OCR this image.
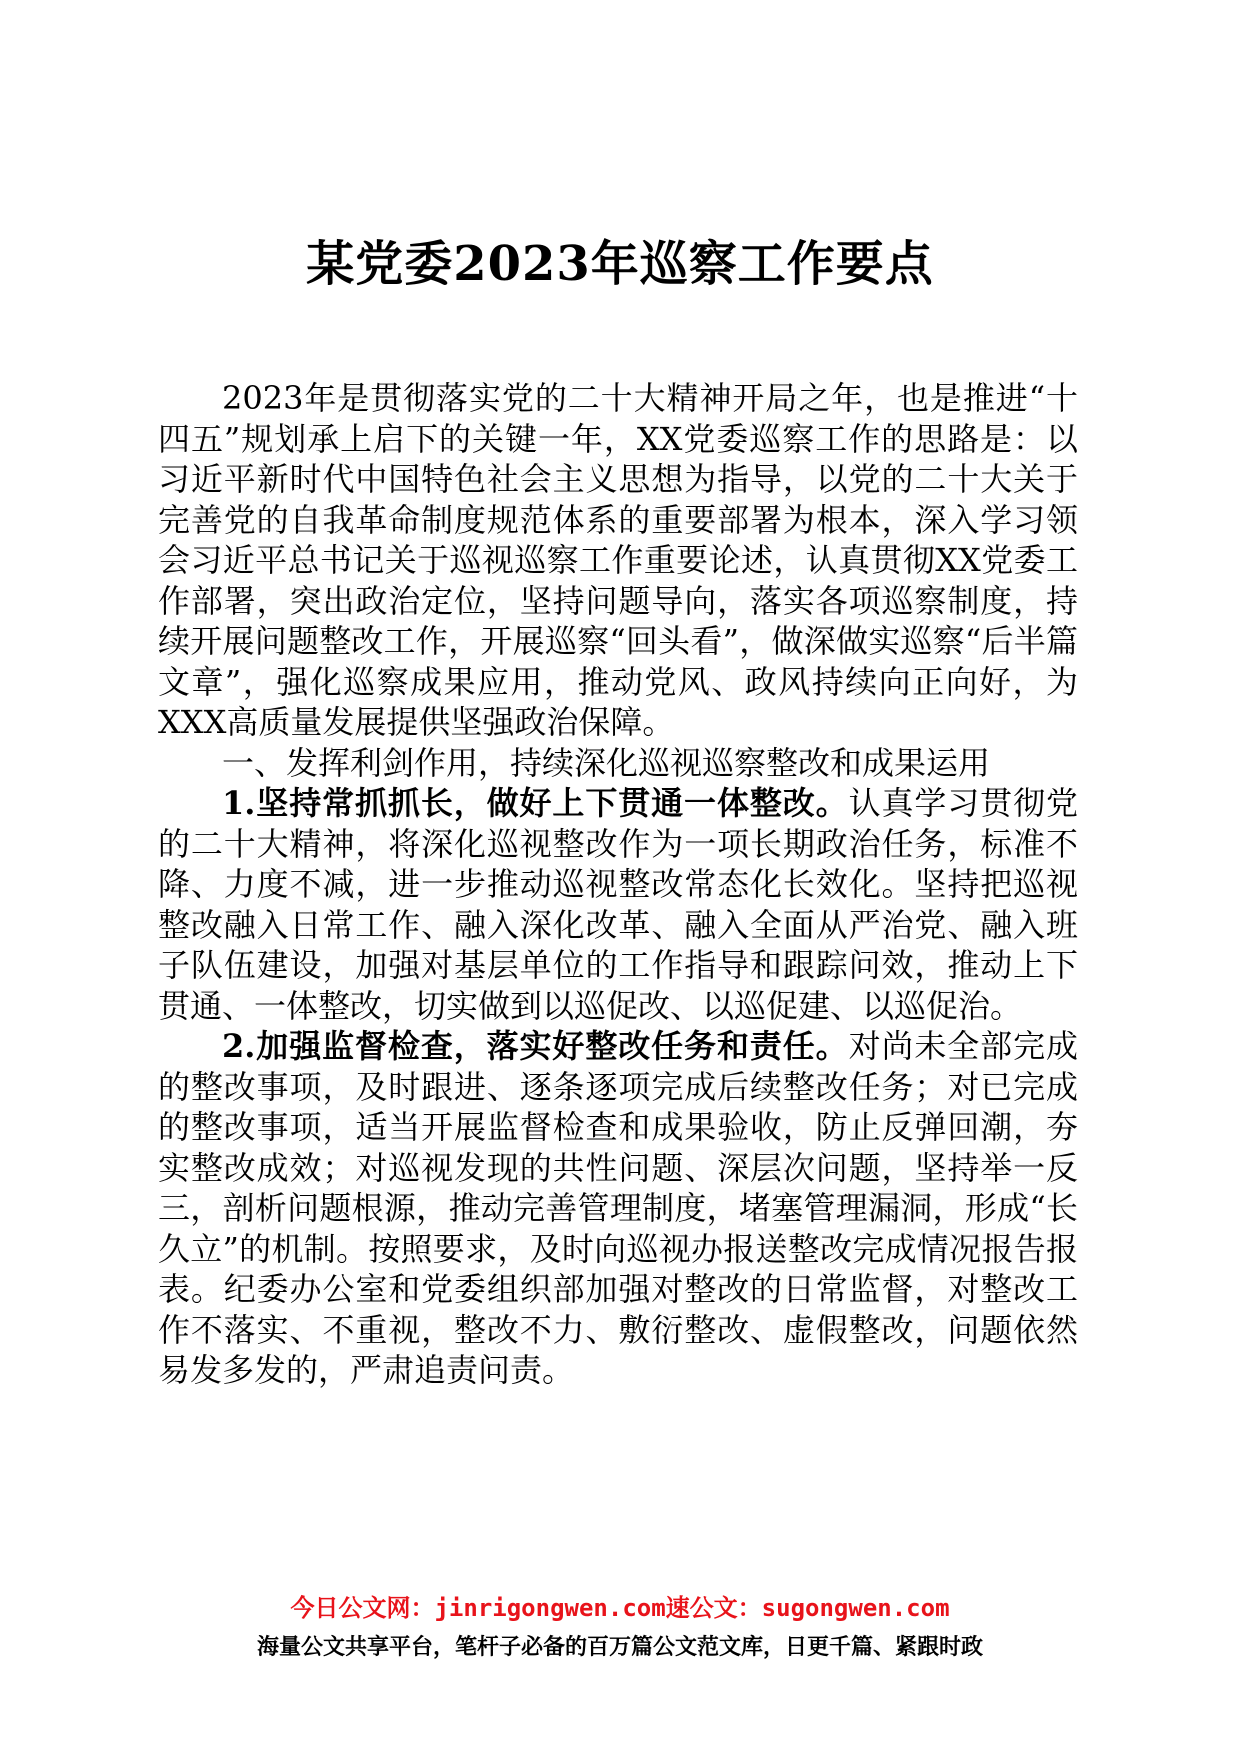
某党委2023年巡察工作要点

2023年是贯彻落实党的二十大精神开局之年，也是推进“十四五”规划承上启下的关键一年，XX党委巡察工作的思路是：以习近平新时代中国特色社会主义思想为指导，以党的二十大关于完善党的自我革命制度规范体系的重要部署为根本，深入学习领会习近平总书记关于巡视巡察工作重要论述，认真贯彻XX党委工作部署，突出政治定位，坚持问题导向，落实各项巡察制度，持续开展问题整改工作，开展巡察“回头看”，做深做实巡察“后半篇文章”，强化巡察成果应用，推动党风、政风持续向正向好，为XXX高质量发展提供坚强政治保障。

一、发挥利剑作用，持续深化巡视巡察整改和成果运用

1.坚持常抓抓长，做好上下贯通一体整改。认真学习贯彻党的二十大精神，将深化巡视整改作为一项长期政治任务，标准不降、力度不减，进一步推动巡视整改常态化长效化。坚持把巡视整改融入日常工作、融入深化改革、融入全面从严治党、融入班子队伍建设，加强对基层单位的工作指导和跟踪问效，推动上下贯通、一体整改，切实做到以巡促改、以巡促建、以巡促治。

2.加强监督检查，落实好整改任务和责任。对尚未全部完成的整改事项，及时跟进、逐条逐项完成后续整改任务；对已完成的整改事项，适当开展监督检查和成果验收，防止反弹回潮，夯实整改成效；对巡视发现的共性问题、深层次问题，坚持举一反三，剖析问题根源，推动完善管理制度，堵塞管理漏洞，形成“长久立”的机制。按照要求，及时向巡视办报送整改完成情况报告报表。纪委办公室和党委组织部加强对整改的日常监督，对整改工作不落实、不重视，整改不力、敷衍整改、虚假整改，问题依然易发多发的，严肃追责问责。

今日公文网：jinrigongwen.com速公文：sugongwen.com
海量公文共享平台，笔杆子必备的百万篇公文范文库，日更千篇、紧跟时政
